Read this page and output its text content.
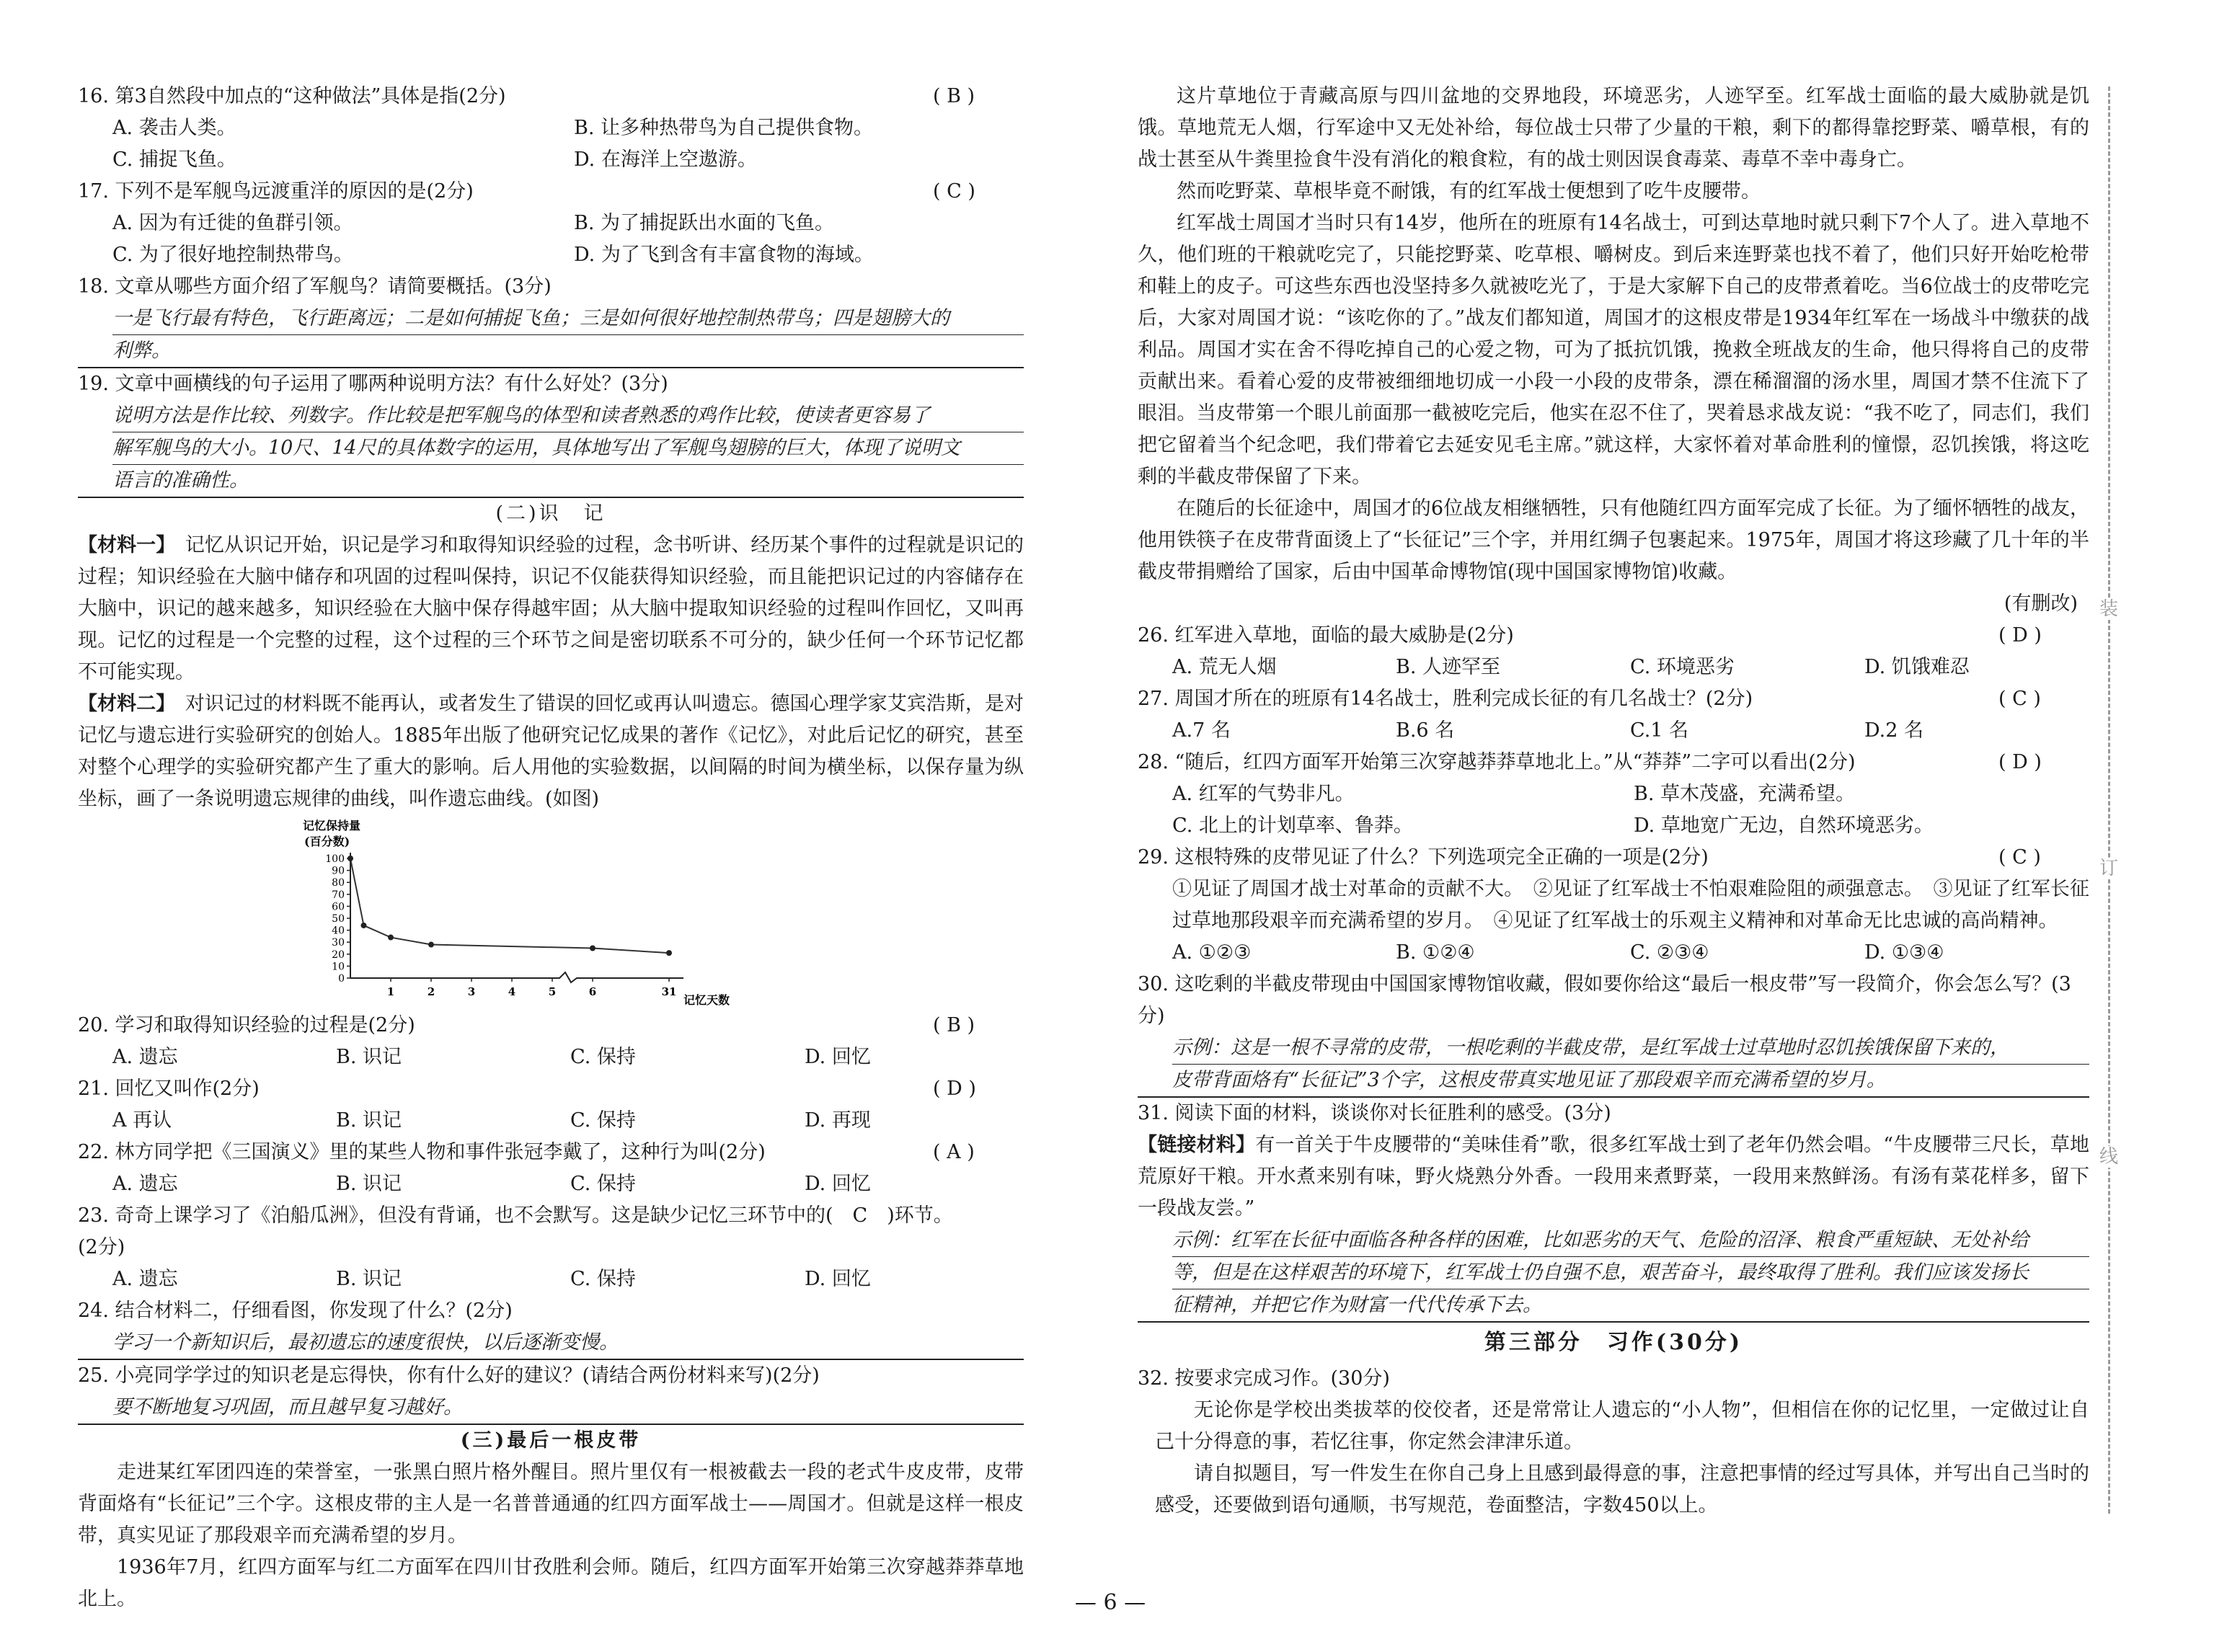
16. 第3自然段中加点的“这种做法”具体是指(2分)	( B )
A. 袭击人类。	B. 让多种热带鸟为自己提供食物。
C. 捕捉飞鱼。	D. 在海洋上空遨游。
17. 下列不是军舰鸟远渡重洋的原因的是(2分)	( C )
A. 因为有迁徙的鱼群引领。	B. 为了捕捉跃出水面的飞鱼。
C. 为了很好地控制热带鸟。	D. 为了飞到含有丰富食物的海域。
18. 文章从哪些方面介绍了军舰鸟？请简要概括。(3分)
一是飞行最有特色，飞行距离远；二是如何捕捉飞鱼；三是如何很好地控制热带鸟；四是翅膀大的
利弊。
19. 文章中画横线的句子运用了哪两种说明方法？有什么好处？(3分)
说明方法是作比较、列数字。作比较是把军舰鸟的体型和读者熟悉的鸡作比较，使读者更容易了
解军舰鸟的大小。10尺、14尺的具体数字的运用，具体地写出了军舰鸟翅膀的巨大，体现了说明文
语言的准确性。
(二)识　记
【材料一】　 记忆从识记开始，识记是学习和取得知识经验的过程，念书听讲、经历某个事件的过程就是识记的过程；知识经验在大脑中储存和巩固的过程叫保持，识记不仅能获得知识经验，而且能把识记过的内容储存在大脑中，识记的越来越多，知识经验在大脑中保存得越牢固；从大脑中提取知识经验的过程叫作回忆，又叫再现。记忆的过程是一个完整的过程，这个过程的三个环节之间是密切联系不可分的，缺少任何一个环节记忆都不可能实现。
【材料二】　 对识记过的材料既不能再认，或者发生了错误的回忆或再认叫遗忘。德国心理学家艾宾浩斯，是对记忆与遗忘进行实验研究的创始人。1885年出版了他研究记忆成果的著作《记忆》，对此后记忆的研究，甚至对整个心理学的实验研究都产生了重大的影响。后人用他的实验数据，以间隔的时间为横坐标，以保存量为纵坐标，画了一条说明遗忘规律的曲线，叫作遗忘曲线。(如图)
记忆保持量
(百分数)
100
90
80
70
60
50
40
30
20
10
0
1	2	3	4	5	6	31
记忆天数
20. 学习和取得知识经验的过程是(2分)	( B )
A. 遗忘	B. 识记	C. 保持	D. 回忆
21. 回忆又叫作(2分)	( D )
A 再认	B. 识记	C. 保持	D. 再现
22. 林方同学把《三国演义》里的某些人物和事件张冠李戴了，这种行为叫(2分)	( A )
A. 遗忘	B. 识记	C. 保持	D. 回忆
23. 奇奇上课学习了《泊船瓜洲》，但没有背诵，也不会默写。这是缺少记忆三环节中的(　C　)环节。
(2分)
A. 遗忘	B. 识记	C. 保持	D. 回忆
24. 结合材料二，仔细看图，你发现了什么？(2分)
学习一个新知识后，最初遗忘的速度很快，以后逐渐变慢。
25. 小亮同学学过的知识老是忘得快，你有什么好的建议？(请结合两份材料来写)(2分)
要不断地复习巩固，而且越早复习越好。
(三)最后一根皮带
走进某红军团四连的荣誉室，一张黑白照片格外醒目。照片里仅有一根被截去一段的老式牛皮皮带，皮带背面烙有“长征记”三个字。这根皮带的主人是一名普普通通的红四方面军战士——周国才。但就是这样一根皮带，真实见证了那段艰辛而充满希望的岁月。
1936年7月，红四方面军与红二方面军在四川甘孜胜利会师。随后，红四方面军开始第三次穿越莽莽草地北上。
这片草地位于青藏高原与四川盆地的交界地段，环境恶劣，人迹罕至。红军战士面临的最大威胁就是饥饿。草地荒无人烟，行军途中又无处补给，每位战士只带了少量的干粮，剩下的都得靠挖野菜、嚼草根，有的战士甚至从牛粪里捡食牛没有消化的粮食粒，有的战士则因误食毒菜、毒草不幸中毒身亡。
然而吃野菜、草根毕竟不耐饿，有的红军战士便想到了吃牛皮腰带。
红军战士周国才当时只有14岁，他所在的班原有14名战士，可到达草地时就只剩下7个人了。进入草地不久，他们班的干粮就吃完了，只能挖野菜、吃草根、嚼树皮。到后来连野菜也找不着了，他们只好开始吃枪带和鞋上的皮子。可这些东西也没坚持多久就被吃光了，于是大家解下自己的皮带煮着吃。当6位战士的皮带吃完后，大家对周国才说：“该吃你的了。”战友们都知道，周国才的这根皮带是1934年红军在一场战斗中缴获的战利品。周国才实在舍不得吃掉自己的心爱之物，可为了抵抗饥饿，挽救全班战友的生命，他只得将自己的皮带贡献出来。看着心爱的皮带被细细地切成一小段一小段的皮带条，漂在稀溜溜的汤水里，周国才禁不住流下了眼泪。当皮带第一个眼儿前面那一截被吃完后，他实在忍不住了，哭着恳求战友说：“我不吃了，同志们，我们把它留着当个纪念吧，我们带着它去延安见毛主席。”就这样，大家怀着对革命胜利的憧憬，忍饥挨饿，将这吃剩的半截皮带保留了下来。
在随后的长征途中，周国才的6位战友相继牺牲，只有他随红四方面军完成了长征。为了缅怀牺牲的战友，他用铁筷子在皮带背面烫上了“长征记”三个字，并用红绸子包裹起来。1975年，周国才将这珍藏了几十年的半截皮带捐赠给了国家，后由中国革命博物馆(现中国国家博物馆)收藏。
(有删改)
26. 红军进入草地，面临的最大威胁是(2分)	( D )
A. 荒无人烟	B. 人迹罕至	C. 环境恶劣	D. 饥饿难忍
27. 周国才所在的班原有14名战士，胜利完成长征的有几名战士？(2分)	( C )
A.7 名	B.6 名	C.1 名	D.2 名
28. “随后，红四方面军开始第三次穿越莽莽草地北上。”从“莽莽”二字可以看出(2分)	( D )
A. 红军的气势非凡。	B. 草木茂盛，充满希望。
C. 北上的计划草率、鲁莽。	D. 草地宽广无边，自然环境恶劣。
29. 这根特殊的皮带见证了什么？下列选项完全正确的一项是(2分)	( C )
①见证了周国才战士对革命的贡献不大。　②见证了红军战士不怕艰难险阻的顽强意志。　③见证了红军长征过草地那段艰辛而充满希望的岁月。　④见证了红军战士的乐观主义精神和对革命无比忠诚的高尚精神。
A. ①②③	B. ①②④	C. ②③④	D. ①③④
30. 这吃剩的半截皮带现由中国国家博物馆收藏，假如要你给这“最后一根皮带”写一段简介，你会怎么写？(3分)
示例：这是一根不寻常的皮带，一根吃剩的半截皮带，是红军战士过草地时忍饥挨饿保留下来的，
皮带背面烙有“长征记”3个字，这根皮带真实地见证了那段艰辛而充满希望的岁月。
31. 阅读下面的材料，谈谈你对长征胜利的感受。(3分)
【链接材料】有一首关于牛皮腰带的“美味佳肴”歌，很多红军战士到了老年仍然会唱。“牛皮腰带三尺长，草地荒原好干粮。开水煮来别有味，野火烧熟分外香。一段用来煮野菜，一段用来熬鲜汤。有汤有菜花样多，留下一段战友尝。”
示例：红军在长征中面临各种各样的困难，比如恶劣的天气、危险的沼泽、粮食严重短缺、无处补给
等，但是在这样艰苦的环境下，红军战士仍自强不息，艰苦奋斗，最终取得了胜利。我们应该发扬长
征精神，并把它作为财富一代代传承下去。
第三部分　习作(30分)
32. 按要求完成习作。(30分)
无论你是学校出类拔萃的佼佼者，还是常常让人遗忘的“小人物”，但相信在你的记忆里，一定做过让自己十分得意的事，若忆往事，你定然会津津乐道。
请自拟题目，写一件发生在你自己身上且感到最得意的事，注意把事情的经过写具体，并写出自己当时的感受，还要做到语句通顺，书写规范，卷面整洁，字数450以上。
装
订
线
— 6 —
